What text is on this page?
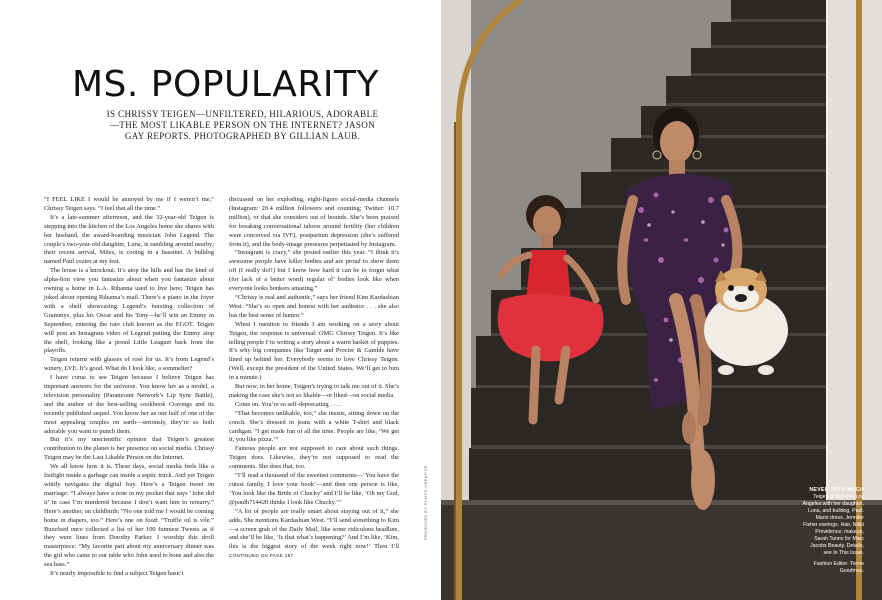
MS. POPULARITY
IS CHRISSY TEIGEN—UNFILTERED, HILARIOUS, ADORABLE—THE MOST LIKABLE PERSON ON THE INTERNET? JASON GAY REPORTS. PHOTOGRAPHED BY GILLIAN LAUB.

“I FEEL LIKE I would be annoyed by me if I weren’t me,” Chrissy Teigen says. “I feel that all the time.”

It’s a late-summer afternoon, and the 32-year-old Teigen is stepping into the kitchen of the Los Angeles home she shares with her husband, the award-hoarding musician John Legend. The couple’s two-year-old daughter, Luna, is rambling around nearby; their recent arrival, Miles, is cooing in a bassinet. A bulldog named Paul cozies at my feet.

The house is a knockout. It’s atop the hills and has the kind of alpha-lion view you fantasize about when you fantasize about owning a home in L.A. Rihanna used to live here; Teigen has joked about opening Rihanna’s mail. There’s a piano in the foyer with a shelf showcasing Legend’s bursting collection of Grammys, plus his Oscar and his Tony—he’ll win an Emmy in September, entering the rare club known as the EGOT. Teigen will post an Instagram video of Legend putting the Emmy atop the shelf, looking like a proud Little Leaguer back from the playoffs.

Teigen returns with glasses of rosé for us. It’s from Legend’s winery, LVE. It’s good. What do I look like, a sommelier?

I have come to see Teigen because I believe Teigen has important answers for the universe. You know her as a model, a television personality (Paramount Network’s Lip Sync Battle), and the author of the best-selling cookbook Cravings and its recently published sequel. You know her as one half of one of the most appealing couples on earth—seriously, they’re so both adorable you want to punch them.

But it’s my unscientific opinion that Teigen’s greatest contribution to the planet is her presence on social media. Chrissy Teigen may be the Last Likable Person on the Internet.

We all know how it is. These days, social media feels like a fistfight inside a garbage can inside a septic truck. And yet Teigen wittily navigates the digital fray. Here’s a Teigen tweet on marriage: “I always have a note in my pocket that says ‘John did it’ in case I’m murdered because I don’t want him to remarry.” Here’s another, on childbirth: “No one told me I would be coming home in diapers, too.” Here’s one on food: “Truffle oil is vile.” Buzzfeed once collected a list of her 100 funniest Tweets as if they were lines from Dorothy Parker. I worship this droll masterpiece: “My favorite part about my anniversary dinner was the girl who came to our table who John used to bone and also the sea bass.”

It’s nearly impossible to find a subject Teigen hasn’t

discussed on her exploding, eight-figure social-media channels (Instagram: 20.4 million followers and counting; Twitter: 10.7 million), or that she considers out of bounds. She’s been praised for breaking conversational taboos around fertility (her children were conceived via IVF), postpartum depression (she’s suffered from it), and the body-image pressures perpetuated by Instagram.

“Instagram is crazy,” she posted earlier this year. “I think it’s awesome people have killer bodies and are proud to show them off (I really do!!) but I know how hard it can be to forget what (for lack of a better word) regular ol’ bodies look like when everyone looks bonkers amazing.”

“Chrissy is real and authentic,” says her friend Kim Kardashian West. “She’s so open and honest with her audience . . . she also has the best sense of humor.”

When I mention to friends I am working on a story about Teigen, the response is universal: OMG Chrissy Teigen. It’s like telling people I’m writing a story about a warm basket of puppies. It’s why big companies like Target and Procter & Gamble have lined up behind her. Everybody seems to love Chrissy Teigen. (Well, except the president of the United States. We’ll get to him in a minute.)

But now, in her home, Teigen’s trying to talk me out of it. She’s making the case she’s not so likable—or liked—on social media.

Come on. You’re so self-deprecating . . . .

“That becomes unlikable, too,” she insists, sitting down on the couch. She’s dressed in jeans with a white T-shirt and black cardigan. “I get made fun of all the time. People are like, ‘We get it, you like pizza.’”

Famous people are not supposed to care about such things. Teigen does. Likewise, they’re not supposed to read the comments. She does that, too.

“I’ll read a thousand of the sweetest comments—‘You have the cutest family, I love your book’—and then one person is like, ‘You look like the Bride of Chucky’ and I’ll be like, ‘Oh my God, @paulh714420 thinks I look like Chucky.’”

“A lot of people are really smart about staying out of it,” she adds. She mentions Kardashian West. “I’ll send something to Kim—a screen grab of the Daily Mail, like some ridiculous headline, and she’ll be like, ‘Is that what’s happening?’ And I’m like, ‘Kim, this is the biggest story of the week right now!’ Then I’ll CONTINUED ON PAGE 267

PRODUCED BY PHOTO CREATIVE	NEVER TUTU MUCH
Teigen at home in Los Angeles with her daughter, Luna, and bulldog, Paul. Marni dress. Jennifer Fisher earrings. Hair, Nikki Providence; makeup, Sarah Tanno for Marc Jacobs Beauty. Details, see In This Issue.
Fashion Editor: Tonne Goodman.
